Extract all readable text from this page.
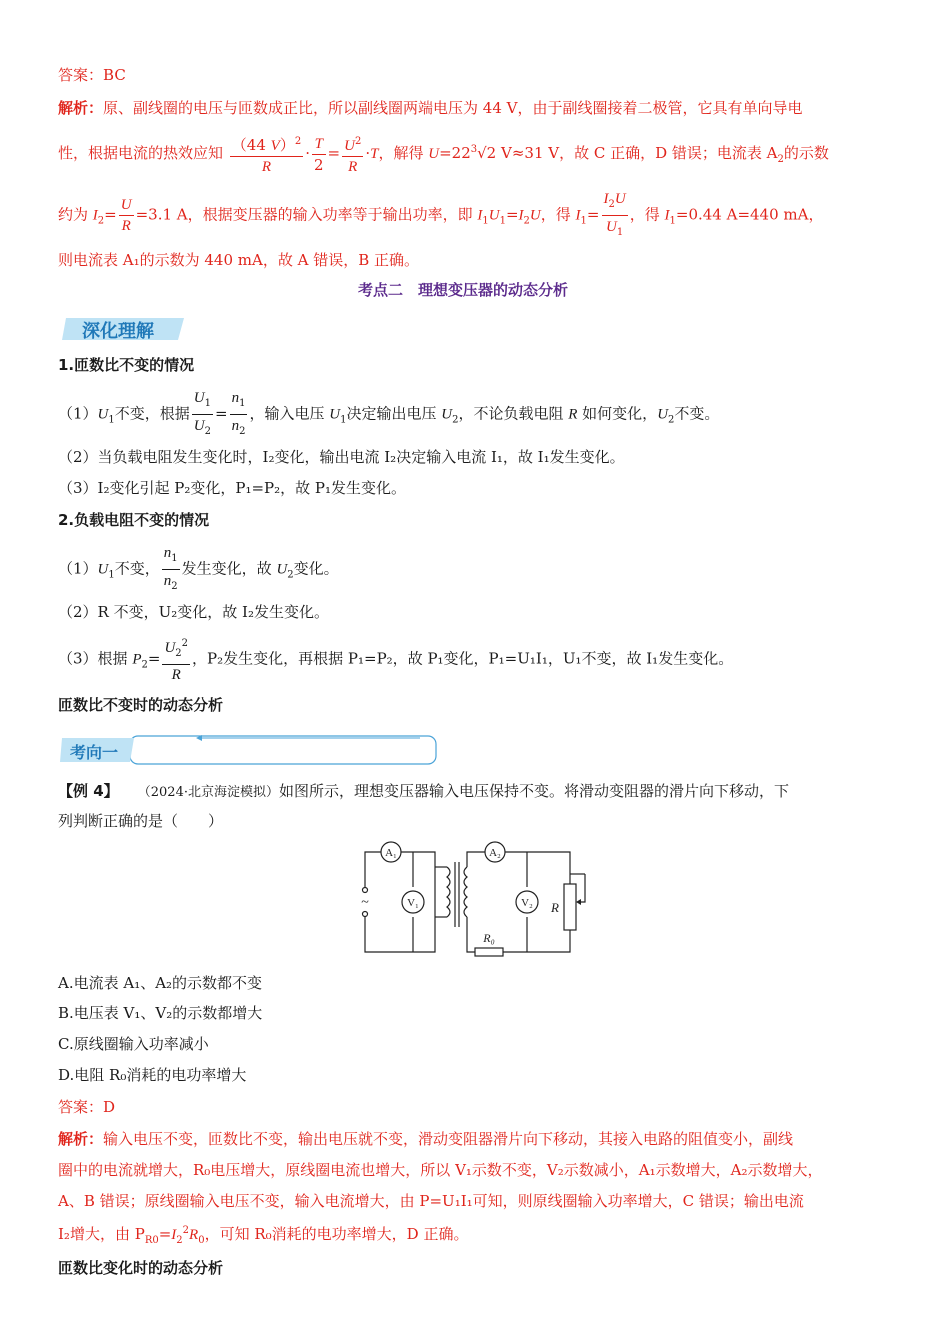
答案：BC
解析：原、副线圈的电压与匝数成正比，所以副线圈两端电压为 44 V，由于副线圈接着二极管，它具有单向导电
性，根据电流的热效应知 $\frac{(44 V)^2}{R} \cdot \frac{T}{2} = \frac{U^2}{R} \cdot T$，解得 $U=22^3√2$ V≈31 V，故 C 正确，D 错误；电流表 $A_2$的示数
约为 $I_2= \frac{U}{R} =3.1$ A，根据变压器的输入功率等于输出功率，即 $I_1U_1=I_2U$，得 $I_1= \frac{I_2U}{U_1}$ ，得 $I_1=0.44$ A=440 mA，
则电流表 A₁的示数为 440 mA，故 A 错误，B 正确。
考点二　理想变压器的动态分析
深化理解
1.匝数比不变的情况
$(1)U_1$不变，根据 $\frac{U_1}{U_2} = \frac{n_1}{n_2}$ ，输入电压 $U_1$决定输出电压 $U_2$，不论负载电阻 R 如何变化，$U_2$不变。
（2）当负载电阻发生变化时，I₂变化，输出电流 I₂决定输入电流 I₁，故 I₁发生变化。
（3）I₂变化引起 P₂变化，P₁=P₂，故 P₁发生变化。
2.负载电阻不变的情况
$(1)U_1$不变， $\frac{n_1}{n_2}$ 发生变化，故 $U_2$变化。
（2）R 不变，U₂变化，故 I₂发生变化。
（3）根据 $P_2= \frac{U_2^2}{R}$ ，P₂发生变化，再根据 P₁=P₂，故 P₁变化，P₁=U₁I₁，U₁不变，故 I₁发生变化。
匝数比不变时的动态分析
考向一
【例 4】 （2024·北京海淀模拟）如图所示，理想变压器输入电压保持不变。将滑动变阻器的滑片向下移动，下
列判断正确的是（　　）
A₁
V₁
A₂
V₂ R
R₀
~
A.电流表 A₁、A₂的示数都不变
B.电压表 V₁、V₂的示数都增大
C.原线圈输入功率减小
D.电阻 R₀消耗的电功率增大
答案：D
解析：输入电压不变，匝数比不变，输出电压就不变，滑动变阻器滑片向下移动，其接入电路的阻值变小，副线
圈中的电流就增大，R₀电压增大，原线圈电流也增大，所以 V₁示数不变，V₂示数减小，A₁示数增大，A₂示数增大，
A、B 错误；原线圈输入电压不变，输入电流增大，由 P=U₁I₁可知，则原线圈输入功率增大，C 错误；输出电流
I₂增大，由 $P_{R0}=I_2^2R_0$，可知 R₀消耗的电功率增大，D 正确。
匝数比变化时的动态分析
